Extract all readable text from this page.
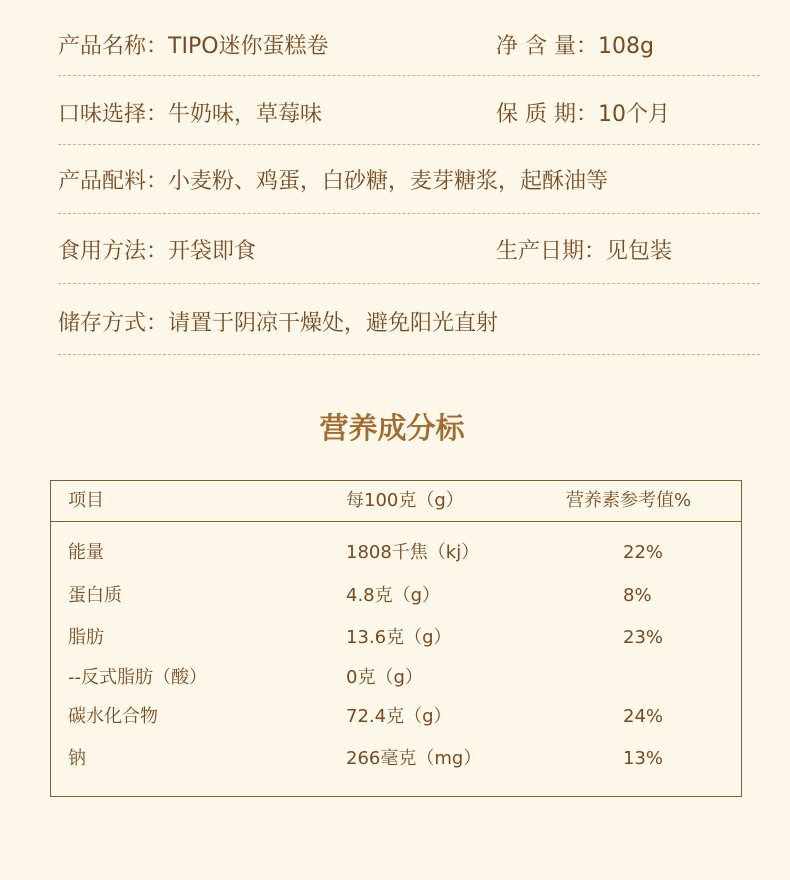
产品名称：TIPO迷你蛋糕卷	净 含 量：108g
口味选择：牛奶味，草莓味	保 质 期：10个月
产品配料：小麦粉、鸡蛋，白砂糖，麦芽糖浆，起酥油等
食用方法：开袋即食	生产日期：见包装
储存方式：请置于阴凉干燥处，避免阳光直射
营养成分标
项目	每100克（g）	营养素参考值%
能量	1808千焦（kj）	22%
蛋白质	4.8克（g）	8%
脂肪	13.6克（g）	23%
--反式脂肪（酸）	0克（g）
碳水化合物	72.4克（g）	24%
钠	266毫克（mg）	13%
